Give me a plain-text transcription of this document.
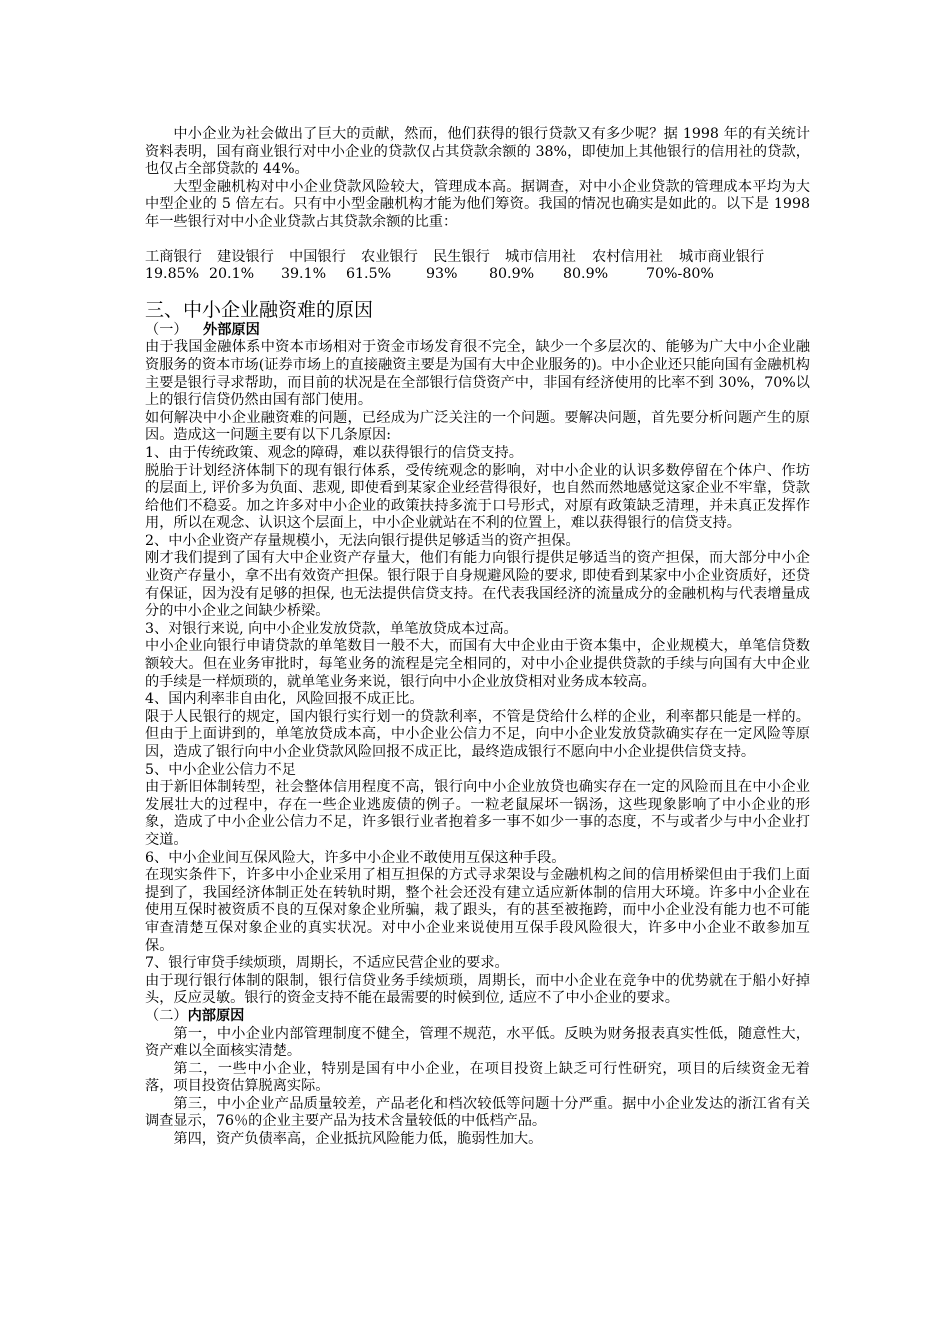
中小企业为社会做出了巨大的贡献，然而，他们获得的银行贷款又有多少呢？据 1998 年的有关统计资料表明，国有商业银行对中小企业的贷款仅占其贷款余额的 38%，即使加上其他银行的信用社的贷款，也仅占全部贷款的 44%。

大型金融机构对中小企业贷款风险较大，管理成本高。据调查，对中小企业贷款的管理成本平均为大中型企业的 5 倍左右。只有中小型金融机构才能为他们筹资。我国的情况也确实是如此的。以下是 1998 年一些银行对中小企业贷款占其贷款余额的比重：

工商银行	建设银行	中国银行	农业银行	民生银行	城市信用社	农村信用社	城市商业银行
19.85% 20.1%	39.1%	61.5%	93%	80.9%	80.9%	70%-80%
三、中小企业融资难的原因

（一） 外部原因

由于我国金融体系中资本市场相对于资金市场发育很不完全，缺少一个多层次的、能够为广大中小企业融资服务的资本市场(证券市场上的直接融资主要是为国有大中企业服务的)。中小企业还只能向国有金融机构主要是银行寻求帮助，而目前的状况是在全部银行信贷资产中，非国有经济使用的比率不到 30%，70%以上的银行信贷仍然由国有部门使用。

如何解决中小企业融资难的问题，已经成为广泛关注的一个问题。要解决问题，首先要分析问题产生的原因。造成这一问题主要有以下几条原因:

1、由于传统政策、观念的障碍，难以获得银行的信贷支持。

脱胎于计划经济体制下的现有银行体系，受传统观念的影响，对中小企业的认识多数停留在个体户、作坊的层面上, 评价多为负面、悲观, 即使看到某家企业经营得很好，也自然而然地感觉这家企业不牢靠，贷款给他们不稳妥。加之许多对中小企业的政策扶持多流于口号形式，对原有政策缺乏清理，并未真正发挥作用，所以在观念、认识这个层面上，中小企业就站在不利的位置上，难以获得银行的信贷支持。

2、中小企业资产存量规模小，无法向银行提供足够适当的资产担保。

刚才我们提到了国有大中企业资产存量大，他们有能力向银行提供足够适当的资产担保，而大部分中小企业资产存量小，拿不出有效资产担保。银行限于自身规避风险的要求, 即使看到某家中小企业资质好，还贷有保证，因为没有足够的担保, 也无法提供信贷支持。在代表我国经济的流量成分的金融机构与代表增量成分的中小企业之间缺少桥梁。

3、对银行来说, 向中小企业发放贷款，单笔放贷成本过高。

中小企业向银行申请贷款的单笔数目一般不大，而国有大中企业由于资本集中，企业规模大，单笔信贷数额较大。但在业务审批时，每笔业务的流程是完全相同的，对中小企业提供贷款的手续与向国有大中企业的手续是一样烦琐的，就单笔业务来说，银行向中小企业放贷相对业务成本较高。

4、国内利率非自由化，风险回报不成正比。

限于人民银行的规定，国内银行实行划一的贷款利率，不管是贷给什么样的企业，利率都只能是一样的。但由于上面讲到的，单笔放贷成本高，中小企业公信力不足，向中小企业发放贷款确实存在一定风险等原因，造成了银行向中小企业贷款风险回报不成正比，最终造成银行不愿向中小企业提供信贷支持。

5、中小企业公信力不足

由于新旧体制转型，社会整体信用程度不高，银行向中小企业放贷也确实存在一定的风险而且在中小企业发展壮大的过程中，存在一些企业逃废债的例子。一粒老鼠屎坏一锅汤，这些现象影响了中小企业的形象，造成了中小企业公信力不足，许多银行业者抱着多一事不如少一事的态度，不与或者少与中小企业打交道。

6、中小企业间互保风险大，许多中小企业不敢使用互保这种手段。

在现实条件下，许多中小企业采用了相互担保的方式寻求架设与金融机构之间的信用桥梁但由于我们上面提到了，我国经济体制正处在转轨时期，整个社会还没有建立适应新体制的信用大环境。许多中小企业在使用互保时被资质不良的互保对象企业所骗，栽了跟头，有的甚至被拖跨，而中小企业没有能力也不可能审查清楚互保对象企业的真实状况。对中小企业来说使用互保手段风险很大，许多中小企业不敢参加互保。

7、银行审贷手续烦琐，周期长，不适应民营企业的要求。

由于现行银行体制的限制，银行信贷业务手续烦琐，周期长，而中小企业在竞争中的优势就在于船小好掉头，反应灵敏。银行的资金支持不能在最需要的时候到位, 适应不了中小企业的要求。

（二）内部原因

第一，中小企业内部管理制度不健全，管理不规范，水平低。反映为财务报表真实性低，随意性大，资产难以全面核实清楚。

第二，一些中小企业，特别是国有中小企业，在项目投资上缺乏可行性研究，项目的后续资金无着落，项目投资估算脱离实际。

第三，中小企业产品质量较差，产品老化和档次较低等问题十分严重。据中小企业发达的浙江省有关调查显示，76％的企业主要产品为技术含量较低的中低档产品。

第四，资产负债率高，企业抵抗风险能力低，脆弱性加大。
